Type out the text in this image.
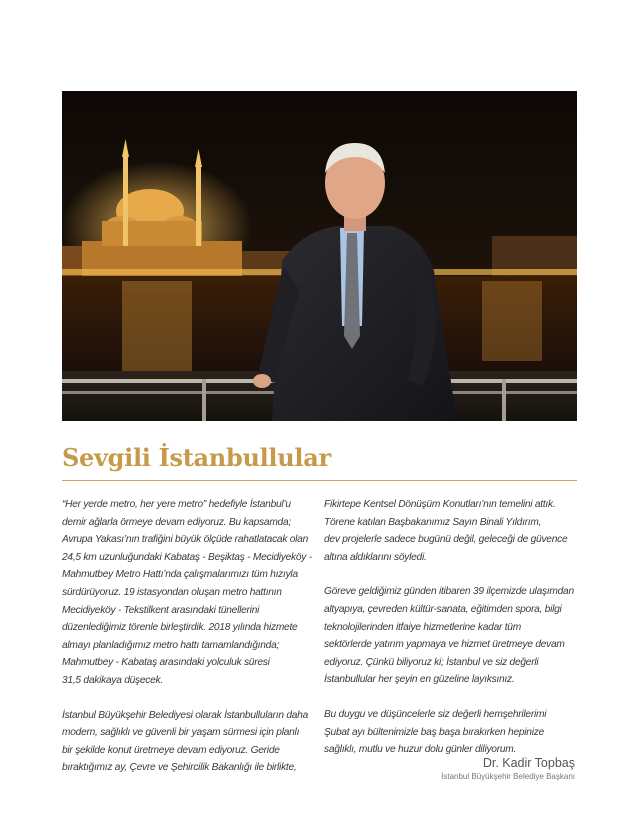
Sevgili İstanbullular

“Her yerde metro, her yere metro” hedefiyle İstanbul’u
demir ağlarla örmeye devam ediyoruz. Bu kapsamda;
Avrupa Yakası’nın trafiğini büyük ölçüde rahatlatacak olan
24,5 km uzunluğundaki Kabataş - Beşiktaş - Mecidiyeköy -
Mahmutbey Metro Hattı’nda çalışmalarımızı tüm hızıyla
sürdürüyoruz. 19 istasyondan oluşan metro hattının
Mecidiyeköy - Tekstilkent arasındaki tünellerini
düzenlediğimiz törenle birleştirdik. 2018 yılında hizmete
almayı planladığımız metro hattı tamamlandığında;
Mahmutbey - Kabataş arasındaki yolculuk süresi
31,5 dakikaya düşecek.

İstanbul Büyükşehir Belediyesi olarak İstanbulluların daha
modern, sağlıklı ve güvenli bir yaşam sürmesi için planlı
bir şekilde konut üretmeye devam ediyoruz. Geride
bıraktığımız ay, Çevre ve Şehircilik Bakanlığı ile birlikte,

Fikirtepe Kentsel Dönüşüm Konutları’nın temelini attık.
Törene katılan Başbakanımız Sayın Binali Yıldırım,
dev projelerle sadece bugünü değil, geleceği de güvence
altına aldıklarını söyledi.

Göreve geldiğimiz günden itibaren 39 ilçemizde ulaşımdan
altyapıya, çevreden kültür-sanata, eğitimden spora, bilgi
teknolojilerinden itfaiye hizmetlerine kadar tüm
sektörlerde yatırım yapmaya ve hizmet üretmeye devam
ediyoruz. Çünkü biliyoruz ki; İstanbul ve siz değerli
İstanbullular her şeyin en güzeline layıksınız.

Bu duygu ve düşüncelerle siz değerli hemşehrilerimi
Şubat ayı bültenimizle baş başa bırakırken hepinize
sağlıklı, mutlu ve huzur dolu günler diliyorum.

Dr. Kadir Topbaş
İstanbul Büyükşehir Belediye Başkanı
